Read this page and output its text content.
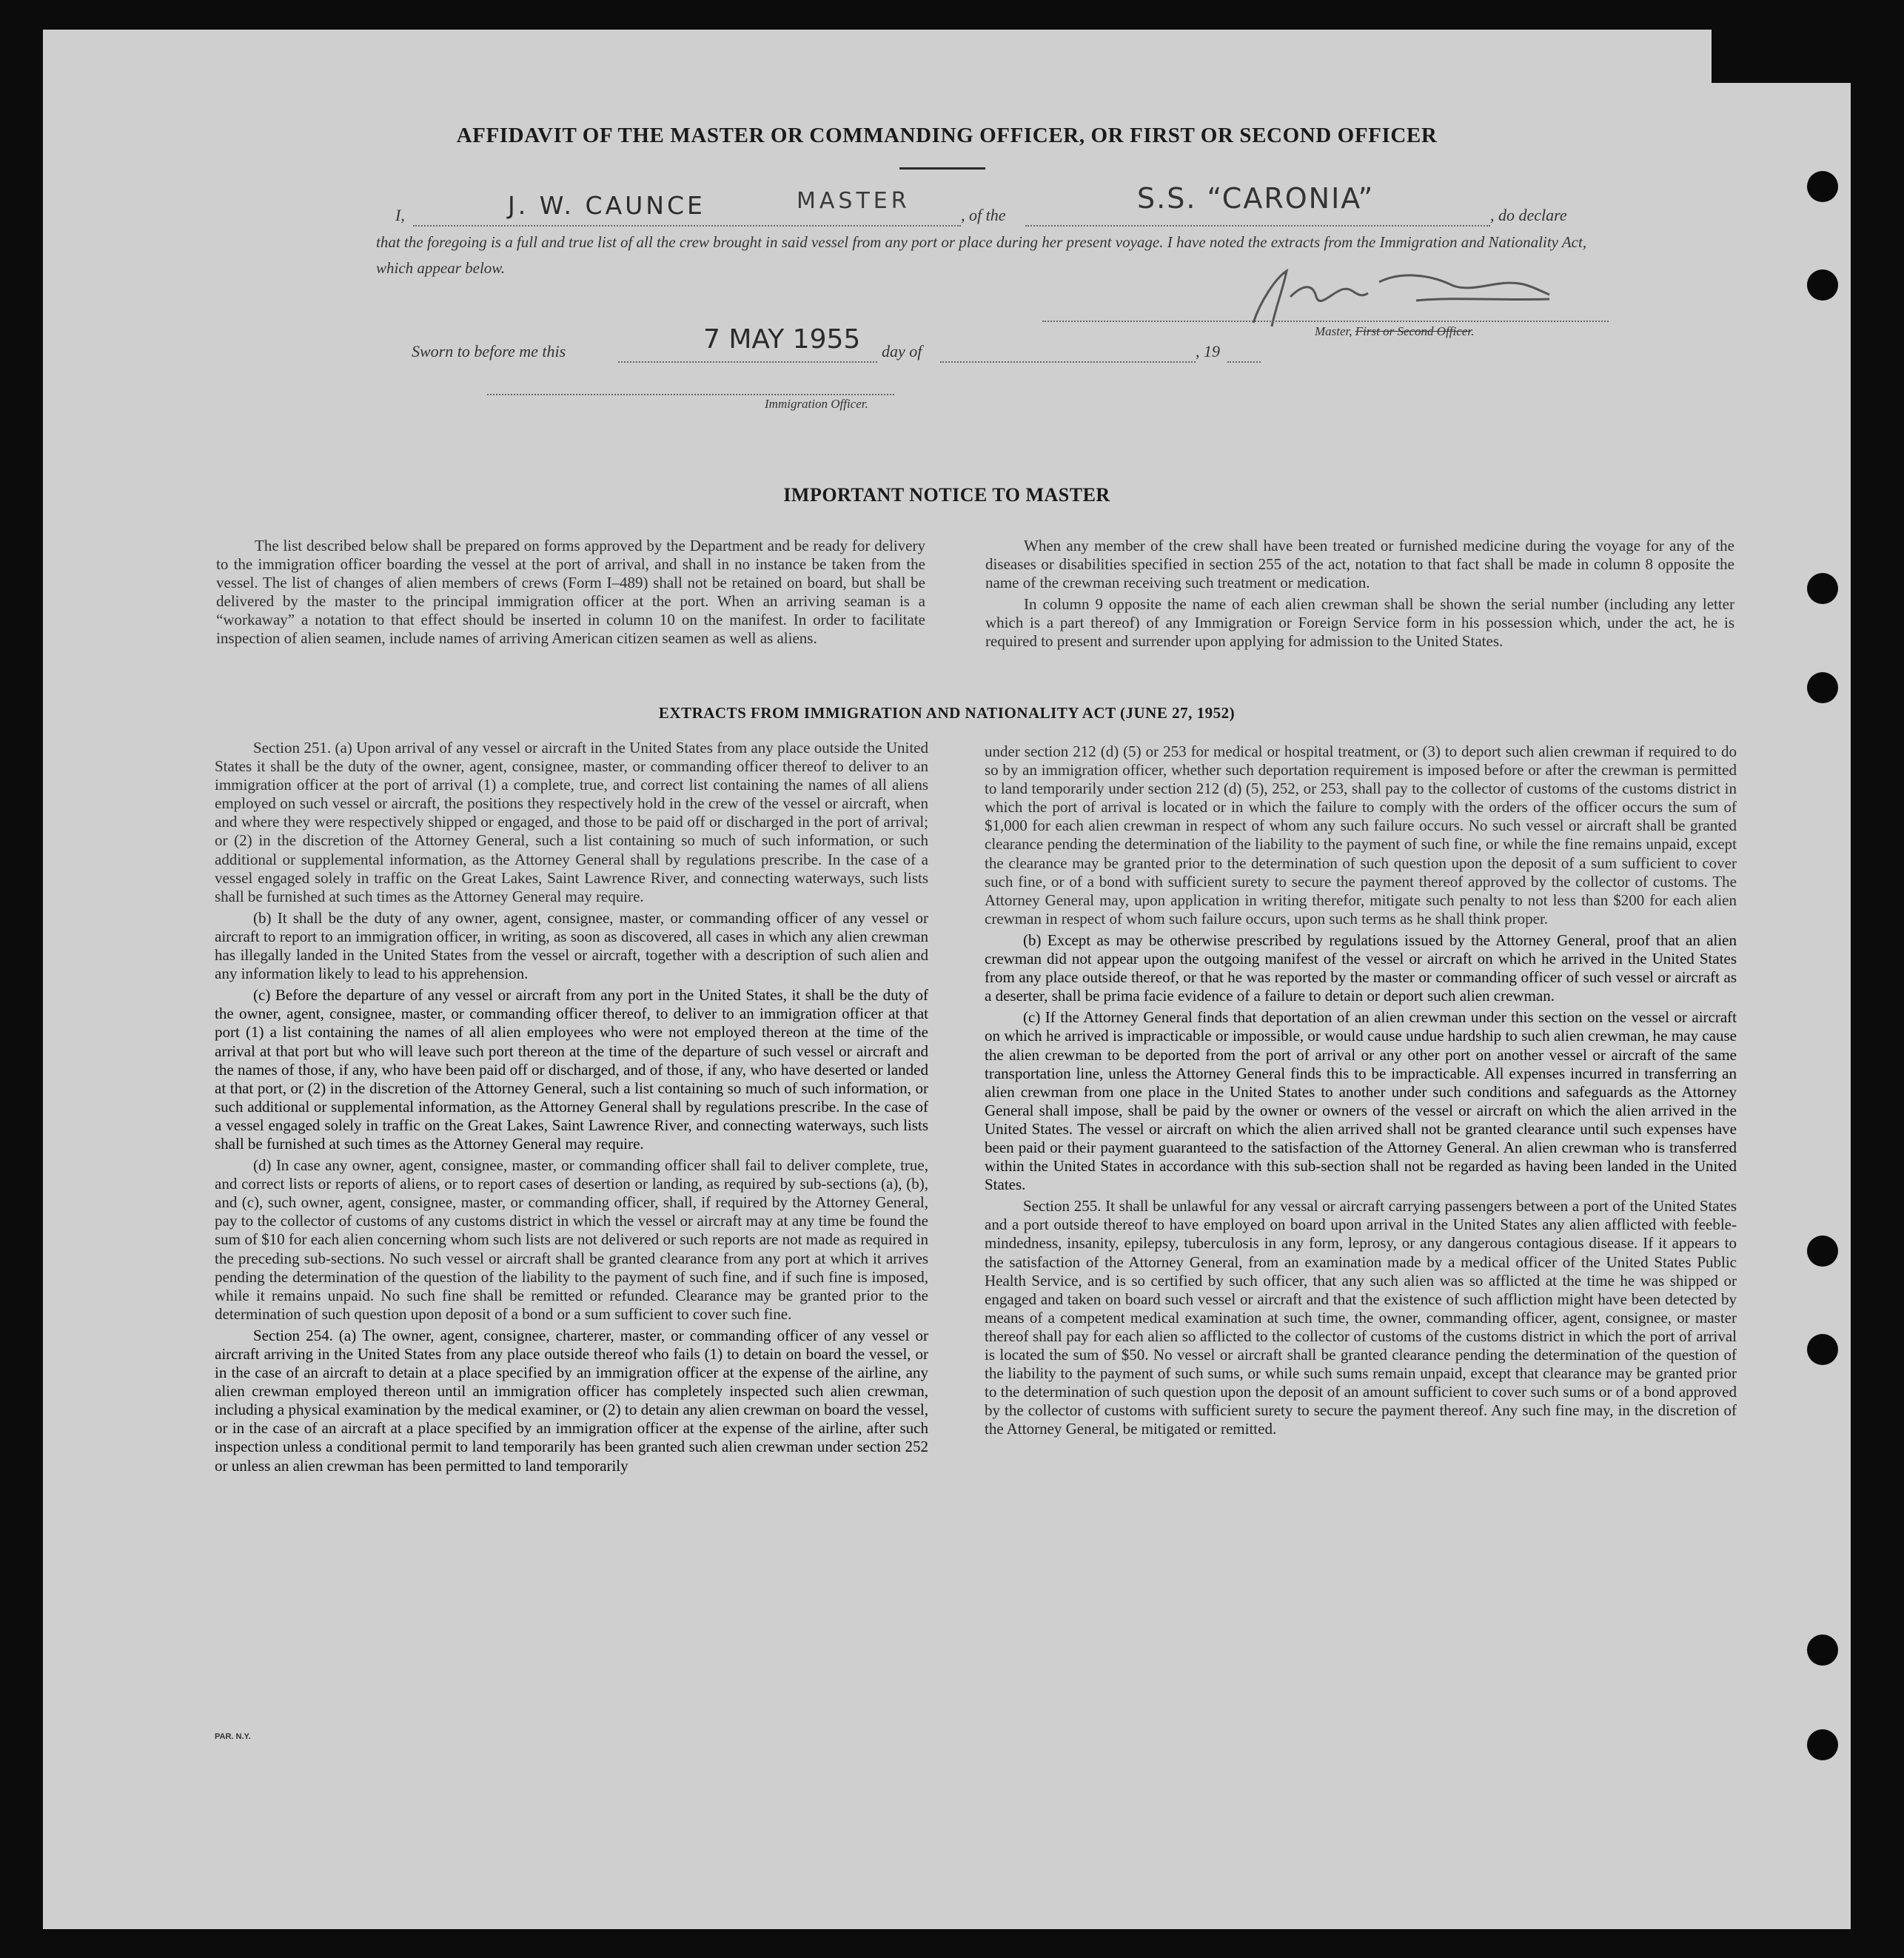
AFFIDAVIT OF THE MASTER OR COMMANDING OFFICER, OR FIRST OR SECOND OFFICER
I,	J. W. CAUNCE	MASTER
, of the
S.S. “CARONIA”
, do declare
that the foregoing is a full and true list of all the crew brought in said vessel from any port or place during her present voyage. I have noted the extracts from the Immigration and Nationality Act, which appear below.
Master, First or Second Officer.
Sworn to before me this	7 MAY 1955 day of	, 19
Immigration Officer.
IMPORTANT NOTICE TO MASTER

The list described below shall be prepared on forms approved by the Department and be ready for delivery to the immigration officer boarding the vessel at the port of arrival, and shall in no instance be taken from the vessel. The list of changes of alien members of crews (Form I–489) shall not be retained on board, but shall be delivered by the master to the principal immigration officer at the port. When an arriving seaman is a “workaway” a notation to that effect should be inserted in column 10 on the manifest. In order to facilitate inspection of alien seamen, include names of arriving American citizen seamen as well as aliens.

When any member of the crew shall have been treated or furnished medicine during the voyage for any of the diseases or disabilities specified in section 255 of the act, notation to that fact shall be made in column 8 opposite the name of the crewman receiving such treatment or medication.

In column 9 opposite the name of each alien crewman shall be shown the serial number (including any letter which is a part thereof) of any Immigration or Foreign Service form in his possession which, under the act, he is required to present and surrender upon applying for admission to the United States.

EXTRACTS FROM IMMIGRATION AND NATIONALITY ACT (JUNE 27, 1952)

Section 251. (a) Upon arrival of any vessel or aircraft in the United States from any place outside the United States it shall be the duty of the owner, agent, consignee, master, or commanding officer thereof to deliver to an immigration officer at the port of arrival (1) a complete, true, and correct list containing the names of all aliens employed on such vessel or aircraft, the positions they respectively hold in the crew of the vessel or aircraft, when and where they were respectively shipped or engaged, and those to be paid off or discharged in the port of arrival; or (2) in the discretion of the Attorney General, such a list containing so much of such information, or such additional or supplemental information, as the Attorney General shall by regulations prescribe. In the case of a vessel engaged solely in traffic on the Great Lakes, Saint Lawrence River, and connecting waterways, such lists shall be furnished at such times as the Attorney General may require.

(b) It shall be the duty of any owner, agent, consignee, master, or commanding officer of any vessel or aircraft to report to an immigration officer, in writing, as soon as discovered, all cases in which any alien crewman has illegally landed in the United States from the vessel or aircraft, together with a description of such alien and any information likely to lead to his apprehension.

(c) Before the departure of any vessel or aircraft from any port in the United States, it shall be the duty of the owner, agent, consignee, master, or commanding officer thereof, to deliver to an immigration officer at that port (1) a list containing the names of all alien employees who were not employed thereon at the time of the arrival at that port but who will leave such port thereon at the time of the departure of such vessel or aircraft and the names of those, if any, who have been paid off or discharged, and of those, if any, who have deserted or landed at that port, or (2) in the discretion of the Attorney General, such a list containing so much of such information, or such additional or supplemental information, as the Attorney General shall by regulations prescribe. In the case of a vessel engaged solely in traffic on the Great Lakes, Saint Lawrence River, and connecting waterways, such lists shall be furnished at such times as the Attorney General may require.

(d) In case any owner, agent, consignee, master, or commanding officer shall fail to deliver complete, true, and correct lists or reports of aliens, or to report cases of desertion or landing, as required by sub-sections (a), (b), and (c), such owner, agent, consignee, master, or commanding officer, shall, if required by the Attorney General, pay to the collector of customs of any customs district in which the vessel or aircraft may at any time be found the sum of $10 for each alien concerning whom such lists are not delivered or such reports are not made as required in the preceding sub-sections. No such vessel or aircraft shall be granted clearance from any port at which it arrives pending the determination of the question of the liability to the payment of such fine, and if such fine is imposed, while it remains unpaid. No such fine shall be remitted or refunded. Clearance may be granted prior to the determination of such question upon deposit of a bond or a sum sufficient to cover such fine.

Section 254. (a) The owner, agent, consignee, charterer, master, or commanding officer of any vessel or aircraft arriving in the United States from any place outside thereof who fails (1) to detain on board the vessel, or in the case of an aircraft to detain at a place specified by an immigration officer at the expense of the airline, any alien crewman employed thereon until an immigration officer has completely inspected such alien crewman, including a physical examination by the medical examiner, or (2) to detain any alien crewman on board the vessel, or in the case of an aircraft at a place specified by an immigration officer at the expense of the airline, after such inspection unless a conditional permit to land temporarily has been granted such alien crewman under section 252 or unless an alien crewman has been permitted to land temporarily

under section 212 (d) (5) or 253 for medical or hospital treatment, or (3) to deport such alien crewman if required to do so by an immigration officer, whether such deportation requirement is imposed before or after the crewman is permitted to land temporarily under section 212 (d) (5), 252, or 253, shall pay to the collector of customs of the customs district in which the port of arrival is located or in which the failure to comply with the orders of the officer occurs the sum of $1,000 for each alien crewman in respect of whom any such failure occurs. No such vessel or aircraft shall be granted clearance pending the determination of the liability to the payment of such fine, or while the fine remains unpaid, except the clearance may be granted prior to the determination of such question upon the deposit of a sum sufficient to cover such fine, or of a bond with sufficient surety to secure the payment thereof approved by the collector of customs. The Attorney General may, upon application in writing therefor, mitigate such penalty to not less than $200 for each alien crewman in respect of whom such failure occurs, upon such terms as he shall think proper.

(b) Except as may be otherwise prescribed by regulations issued by the Attorney General, proof that an alien crewman did not appear upon the outgoing manifest of the vessel or aircraft on which he arrived in the United States from any place outside thereof, or that he was reported by the master or commanding officer of such vessel or aircraft as a deserter, shall be prima facie evidence of a failure to detain or deport such alien crewman.

(c) If the Attorney General finds that deportation of an alien crewman under this section on the vessel or aircraft on which he arrived is impracticable or impossible, or would cause undue hardship to such alien crewman, he may cause the alien crewman to be deported from the port of arrival or any other port on another vessel or aircraft of the same transportation line, unless the Attorney General finds this to be impracticable. All expenses incurred in transferring an alien crewman from one place in the United States to another under such conditions and safeguards as the Attorney General shall impose, shall be paid by the owner or owners of the vessel or aircraft on which the alien arrived in the United States. The vessel or aircraft on which the alien arrived shall not be granted clearance until such expenses have been paid or their payment guaranteed to the satisfaction of the Attorney General. An alien crewman who is transferred within the United States in accordance with this sub-section shall not be regarded as having been landed in the United States.

Section 255. It shall be unlawful for any vessal or aircraft carrying passengers between a port of the United States and a port outside thereof to have employed on board upon arrival in the United States any alien afflicted with feeble-mindedness, insanity, epilepsy, tuberculosis in any form, leprosy, or any dangerous contagious disease. If it appears to the satisfaction of the Attorney General, from an examination made by a medical officer of the United States Public Health Service, and is so certified by such officer, that any such alien was so afflicted at the time he was shipped or engaged and taken on board such vessel or aircraft and that the existence of such affliction might have been detected by means of a competent medical examination at such time, the owner, commanding officer, agent, consignee, or master thereof shall pay for each alien so afflicted to the collector of customs of the customs district in which the port of arrival is located the sum of $50. No vessel or aircraft shall be granted clearance pending the determination of the question of the liability to the payment of such sums, or while such sums remain unpaid, except that clearance may be granted prior to the determination of such question upon the deposit of an amount sufficient to cover such sums or of a bond approved by the collector of customs with sufficient surety to secure the payment thereof. Any such fine may, in the discretion of the Attorney General, be mitigated or remitted.

PAR. N.Y.
